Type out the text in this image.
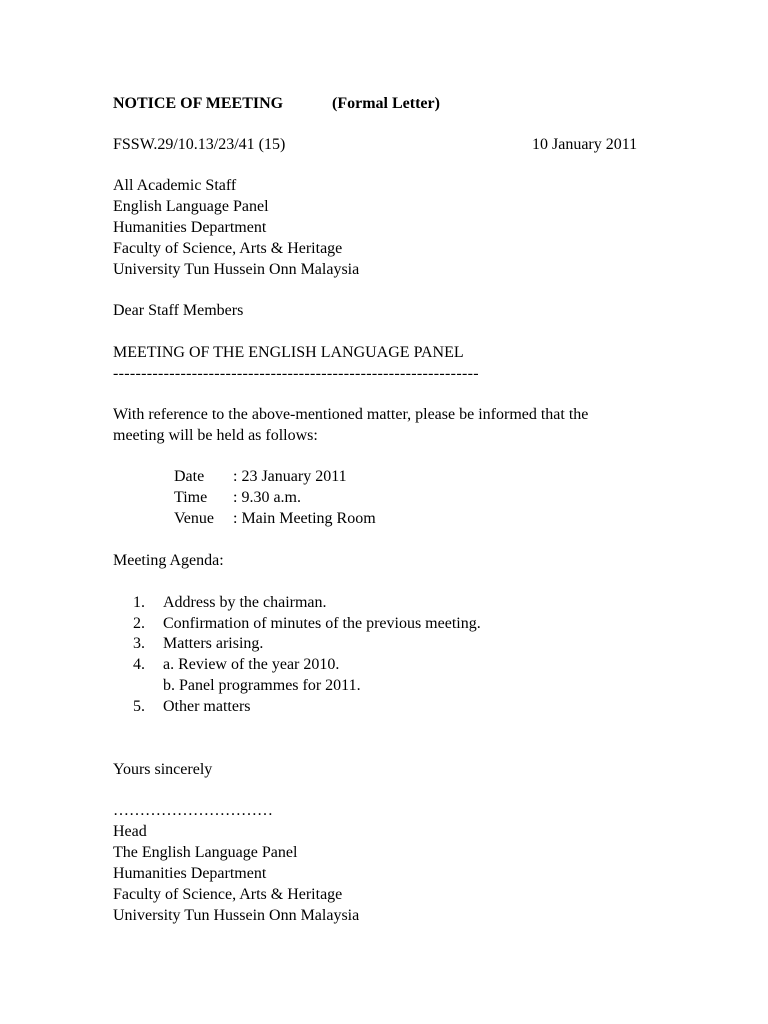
NOTICE OF MEETING	(Formal Letter)
FSSW.29/10.13/23/41 (15)	10 January 2011
All Academic Staff
English Language Panel
Humanities Department
Faculty of Science, Arts & Heritage
University Tun Hussein Onn Malaysia
Dear Staff Members
MEETING OF THE ENGLISH LANGUAGE PANEL
-----------------------------------------------------------------
With reference to the above-mentioned matter, please be informed that the
meeting will be held as follows:
Date : 23 January 2011
Time : 9.30 a.m.
Venue : Main Meeting Room
Meeting Agenda:
1. Address by the chairman.
2. Confirmation of minutes of the previous meeting.
3. Matters arising.
4. a. Review of the year 2010.
b. Panel programmes for 2011.
5. Other matters
Yours sincerely
…………………………
Head
The English Language Panel
Humanities Department
Faculty of Science, Arts & Heritage
University Tun Hussein Onn Malaysia
